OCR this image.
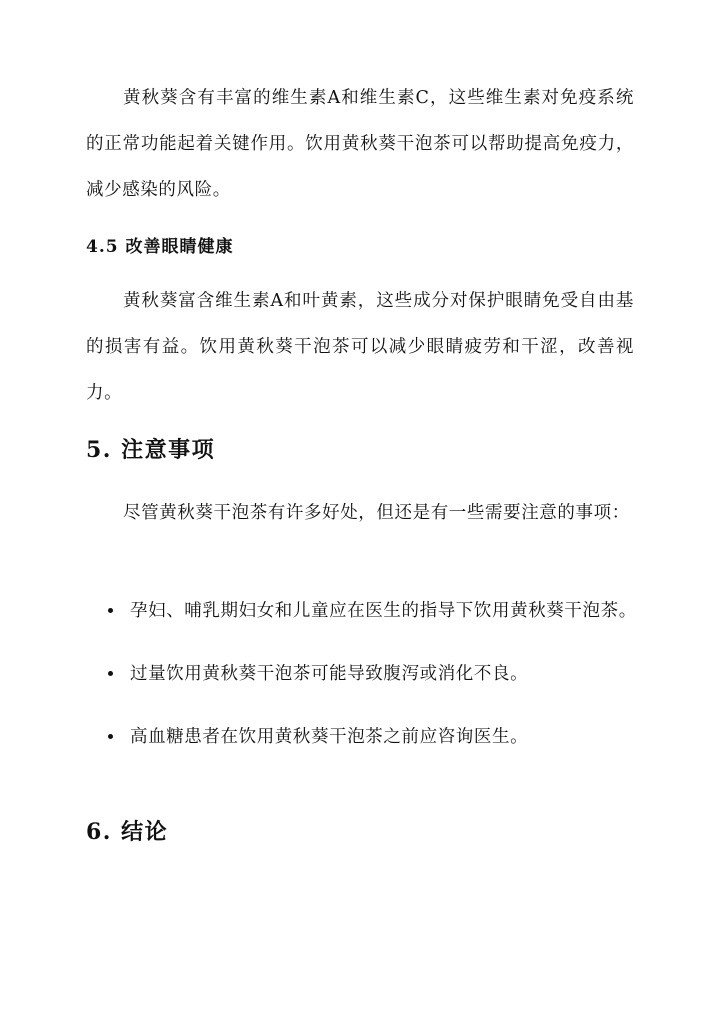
黄秋葵含有丰富的维生素A和维生素C，这些维生素对免疫系统的正常功能起着关键作用。饮用黄秋葵干泡茶可以帮助提高免疫力，减少感染的风险。

4.5 改善眼睛健康

黄秋葵富含维生素A和叶黄素，这些成分对保护眼睛免受自由基的损害有益。饮用黄秋葵干泡茶可以减少眼睛疲劳和干涩，改善视力。

5. 注意事项

尽管黄秋葵干泡茶有许多好处，但还是有一些需要注意的事项：

孕妇、哺乳期妇女和儿童应在医生的指导下饮用黄秋葵干泡茶。
过量饮用黄秋葵干泡茶可能导致腹泻或消化不良。
高血糖患者在饮用黄秋葵干泡茶之前应咨询医生。
6. 结论
